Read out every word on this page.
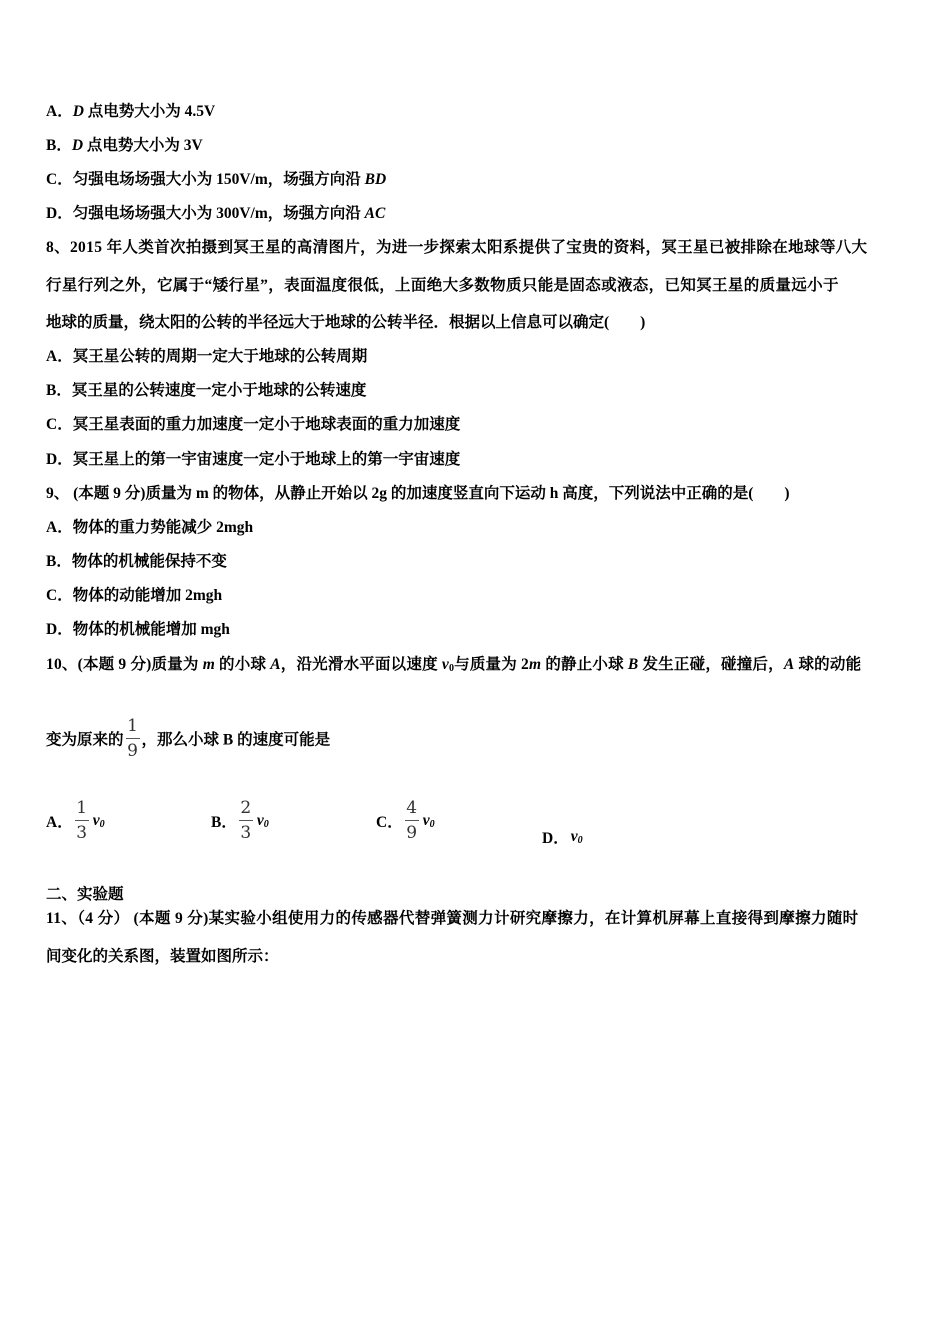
A．D 点电势大小为 4.5V
B．D 点电势大小为 3V
C．匀强电场场强大小为 150V/m，场强方向沿 BD
D．匀强电场场强大小为 300V/m，场强方向沿 AC
8、2015 年人类首次拍摄到冥王星的高清图片，为进一步探索太阳系提供了宝贵的资料，冥王星已被排除在地球等八大
行星行列之外，它属于“矮行星”，表面温度很低，上面绝大多数物质只能是固态或液态，已知冥王星的质量远小于
地球的质量，绕太阳的公转的半径远大于地球的公转半径．根据以上信息可以确定(　　)
A．冥王星公转的周期一定大于地球的公转周期
B．冥王星的公转速度一定小于地球的公转速度
C．冥王星表面的重力加速度一定小于地球表面的重力加速度
D．冥王星上的第一宇宙速度一定小于地球上的第一宇宙速度
9、 (本题 9 分)质量为 m 的物体，从静止开始以 2g 的加速度竖直向下运动 h 高度，下列说法中正确的是(　　)
A．物体的重力势能减少 2mgh
B．物体的机械能保持不变
C．物体的动能增加 2mgh
D．物体的机械能增加 mgh
10、(本题 9 分)质量为 m 的小球 A，沿光滑水平面以速度 $v_0$与质量为 2m 的静止小球 B 发生正碰，碰撞后，A 球的动能
变为原来的 $\frac{1}{9}$ ，那么小球 B 的速度可能是
A． $\frac{1}{3} v_0$	B． $\frac{2}{3} v_0$	C． $\frac{4}{9} v_0$
D． $v_0$
二、实验题
11、（4 分） (本题 9 分)某实验小组使用力的传感器代替弹簧测力计研究摩擦力，在计算机屏幕上直接得到摩擦力随时
间变化的关系图，装置如图所示：
